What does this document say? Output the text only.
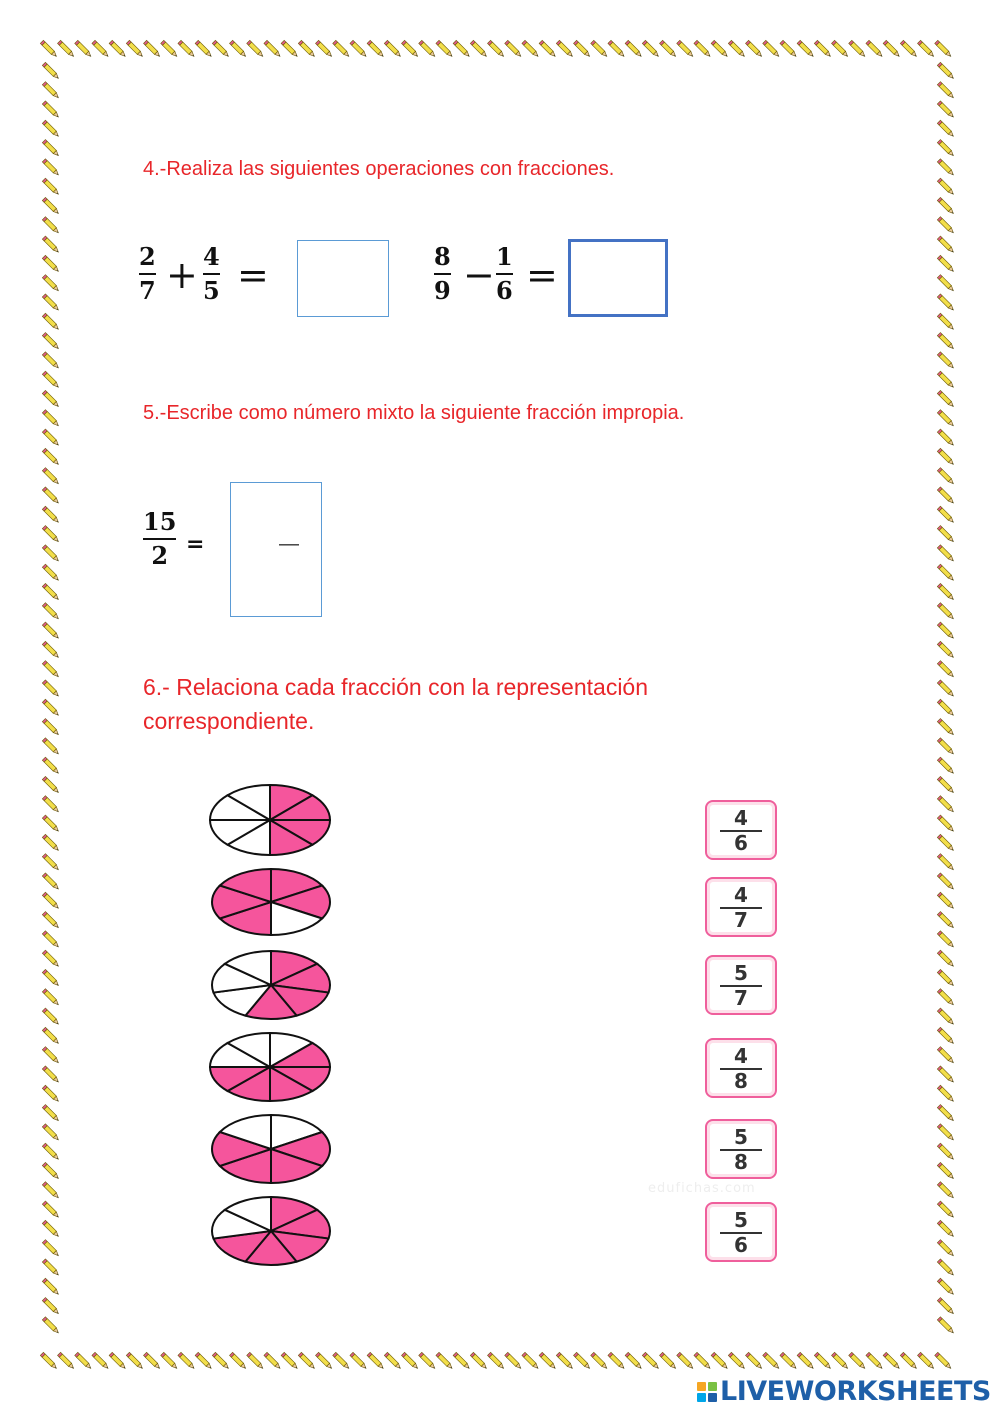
4.-Realiza las siguientes operaciones con fracciones.
2
7 + 4
5 =	8
9 − 1
6 =
5.-Escribe como número mixto la siguiente fracción impropia.
15
2 =	—
6.- Relaciona cada fracción con la representación
correspondiente.
4
6
4
7
5
7
4
8
5
8
5
6
edufichas.com
LIVEWORKSHEETS
